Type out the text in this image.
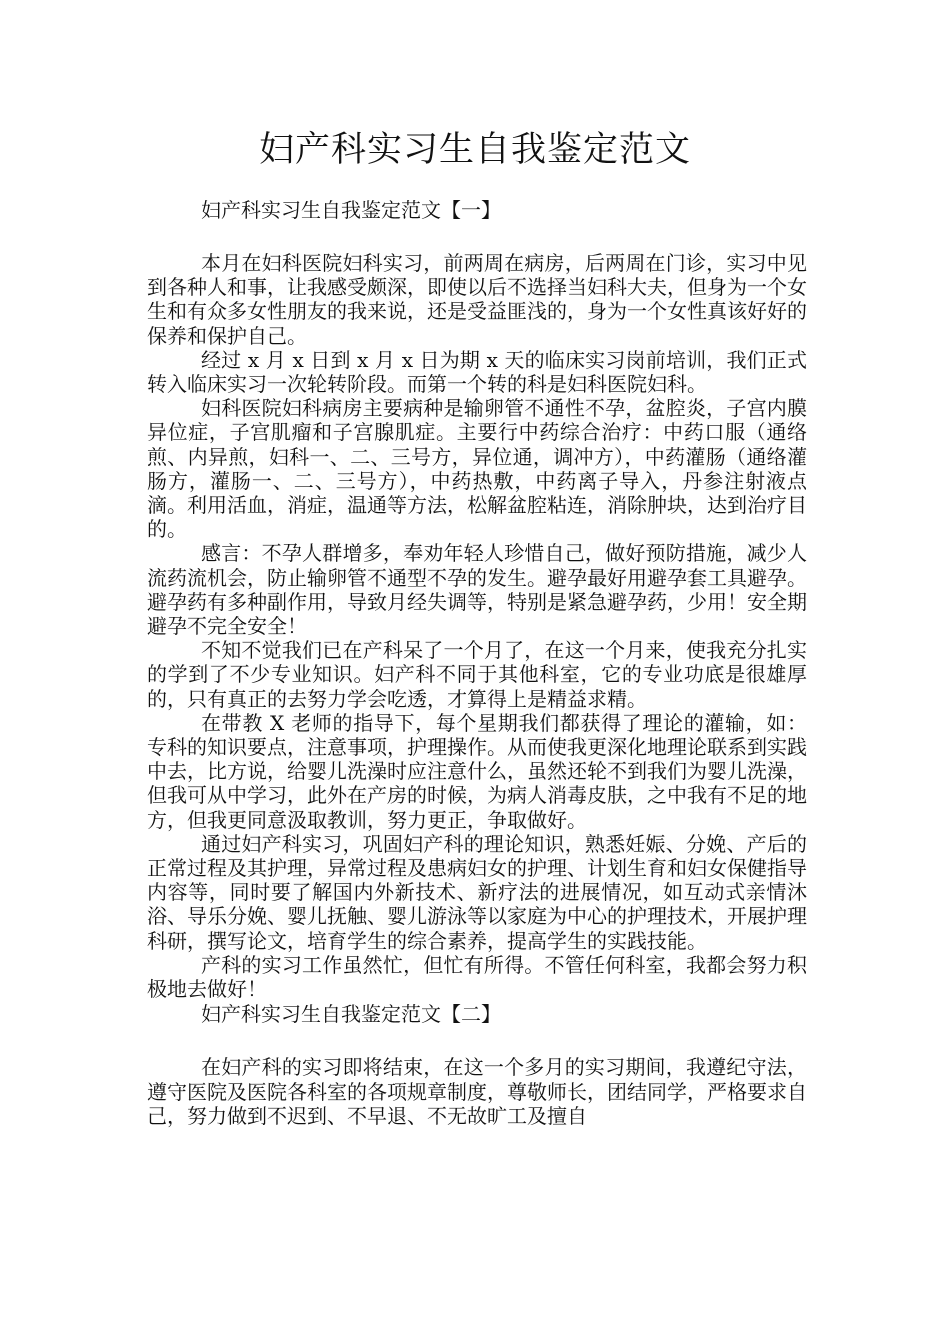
妇产科实习生自我鉴定范文
妇产科实习生自我鉴定范文【一】

本月在妇科医院妇科实习，前两周在病房，后两周在门诊，实习中见到各种人和事，让我感受颇深，即使以后不选择当妇科大夫，但身为一个女生和有众多女性朋友的我来说，还是受益匪浅的，身为一个女性真该好好的保养和保护自己。

经过 x 月 x 日到 x 月 x 日为期 x 天的临床实习岗前培训，我们正式转入临床实习一次轮转阶段。而第一个转的科是妇科医院妇科。

妇科医院妇科病房主要病种是输卵管不通性不孕，盆腔炎，子宫内膜异位症，子宫肌瘤和子宫腺肌症。主要行中药综合治疗：中药口服（通络煎、内异煎，妇科一、二、三号方，异位通，调冲方），中药灌肠（通络灌肠方，灌肠一、二、三号方），中药热敷，中药离子导入，丹参注射液点滴。利用活血，消症，温通等方法，松解盆腔粘连，消除肿块，达到治疗目的。

感言：不孕人群增多，奉劝年轻人珍惜自己，做好预防措施，减少人流药流机会，防止输卵管不通型不孕的发生。避孕最好用避孕套工具避孕。避孕药有多种副作用，导致月经失调等，特别是紧急避孕药，少用！安全期避孕不完全安全！

不知不觉我们已在产科呆了一个月了，在这一个月来，使我充分扎实的学到了不少专业知识。妇产科不同于其他科室，它的专业功底是很雄厚的，只有真正的去努力学会吃透，才算得上是精益求精。

在带教 X 老师的指导下，每个星期我们都获得了理论的灌输，如：专科的知识要点，注意事项，护理操作。从而使我更深化地理论联系到实践中去，比方说，给婴儿洗澡时应注意什么，虽然还轮不到我们为婴儿洗澡，但我可从中学习，此外在产房的时候，为病人消毒皮肤，之中我有不足的地方，但我更同意汲取教训，努力更正，争取做好。

通过妇产科实习，巩固妇产科的理论知识，熟悉妊娠、分娩、产后的正常过程及其护理，异常过程及患病妇女的护理、计划生育和妇女保健指导内容等，同时要了解国内外新技术、新疗法的进展情况，如互动式亲情沐浴、导乐分娩、婴儿抚触、婴儿游泳等以家庭为中心的护理技术，开展护理科研，撰写论文，培育学生的综合素养，提高学生的实践技能。

产科的实习工作虽然忙，但忙有所得。不管任何科室，我都会努力积极地去做好！

妇产科实习生自我鉴定范文【二】

在妇产科的实习即将结束，在这一个多月的实习期间，我遵纪守法，遵守医院及医院各科室的各项规章制度，尊敬师长，团结同学，严格要求自己，努力做到不迟到、不早退、不无故旷工及擅自
